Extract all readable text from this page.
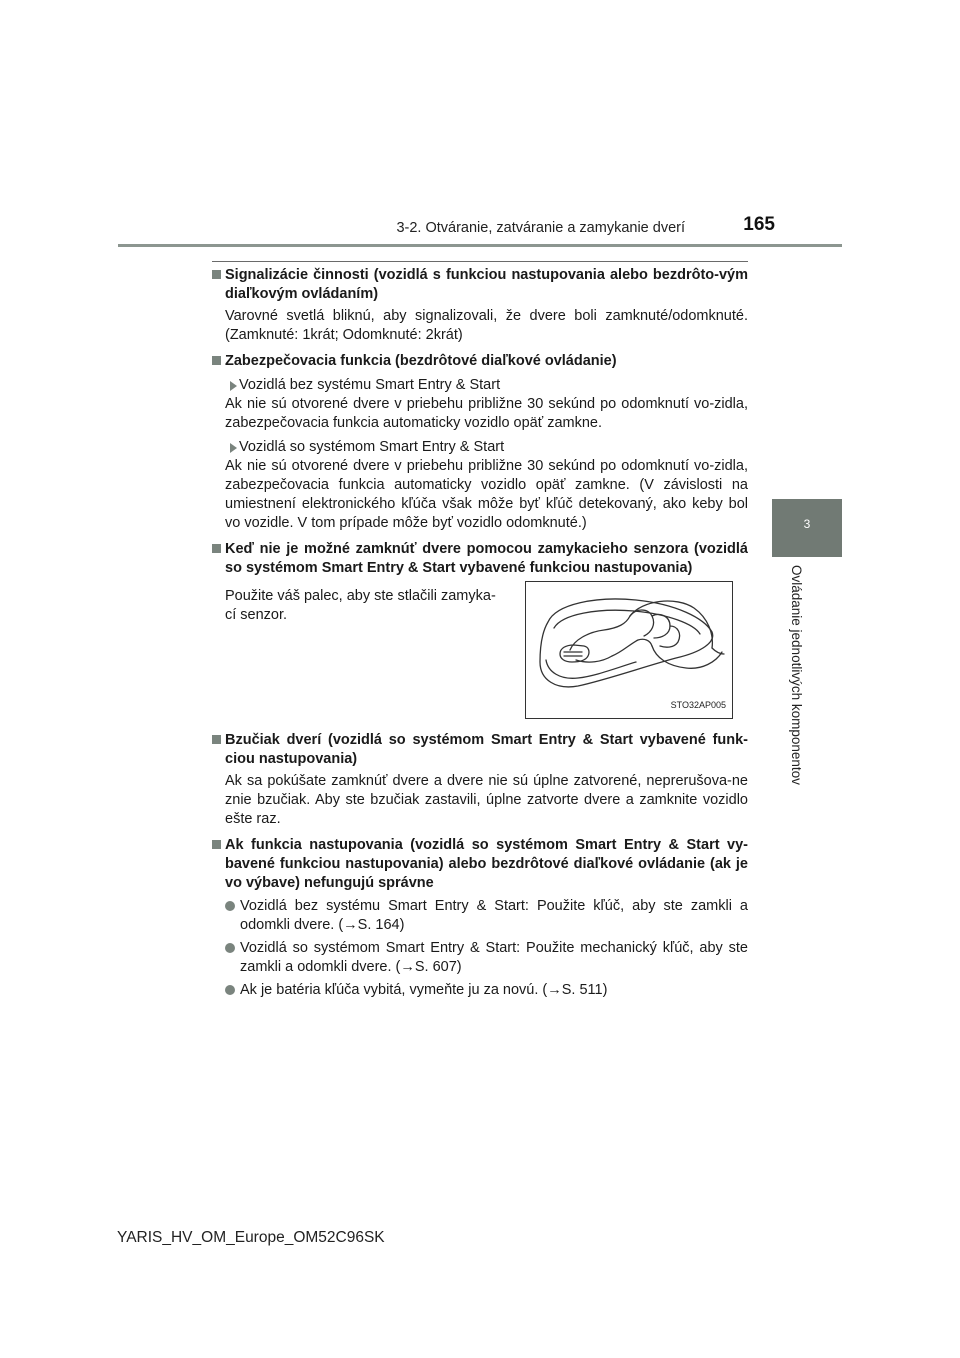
3-2. Otváranie, zatváranie a zamykanie dverí	165
3
Ovládanie jednotlivých komponentov
Signalizácie činnosti (vozidlá s funkciou nastupovania alebo bezdrôto-vým diaľkovým ovládaním)
Varovné svetlá bliknú, aby signalizovali, že dvere boli zamknuté/odomknuté. (Zamknuté: 1krát; Odomknuté: 2krát)
Zabezpečovacia funkcia (bezdrôtové diaľkové ovládanie)
Vozidlá bez systému Smart Entry & Start
Ak nie sú otvorené dvere v priebehu približne 30 sekúnd po odomknutí vo-zidla, zabezpečovacia funkcia automaticky vozidlo opäť zamkne.
Vozidlá so systémom Smart Entry & Start
Ak nie sú otvorené dvere v priebehu približne 30 sekúnd po odomknutí vo-zidla, zabezpečovacia funkcia automaticky vozidlo opäť zamkne. (V závislosti na umiestnení elektronického kľúča však môže byť kľúč detekovaný, ako keby bol vo vozidle. V tom prípade môže byť vozidlo odomknuté.)
Keď nie je možné zamknúť dvere pomocou zamykacieho senzora (vozidlá so systémom Smart Entry & Start vybavené funkciou nastupovania)
Použite váš palec, aby ste stlačili zamyka-cí senzor.
STO32AP005
Bzučiak dverí (vozidlá so systémom Smart Entry & Start vybavené funk-ciou nastupovania)
Ak sa pokúšate zamknúť dvere a dvere nie sú úplne zatvorené, neprerušova-ne znie bzučiak. Aby ste bzučiak zastavili, úplne zatvorte dvere a zamknite vozidlo ešte raz.
Ak funkcia nastupovania (vozidlá so systémom Smart Entry & Start vy-bavené funkciou nastupovania) alebo bezdrôtové diaľkové ovládanie (ak je vo výbave) nefungujú správne
Vozidlá bez systému Smart Entry & Start: Použite kľúč, aby ste zamkli a odomkli dvere. (→S. 164)
Vozidlá so systémom Smart Entry & Start: Použite mechanický kľúč, aby ste zamkli a odomkli dvere. (→S. 607)
Ak je batéria kľúča vybitá, vymeňte ju za novú. (→S. 511)
YARIS_HV_OM_Europe_OM52C96SK
